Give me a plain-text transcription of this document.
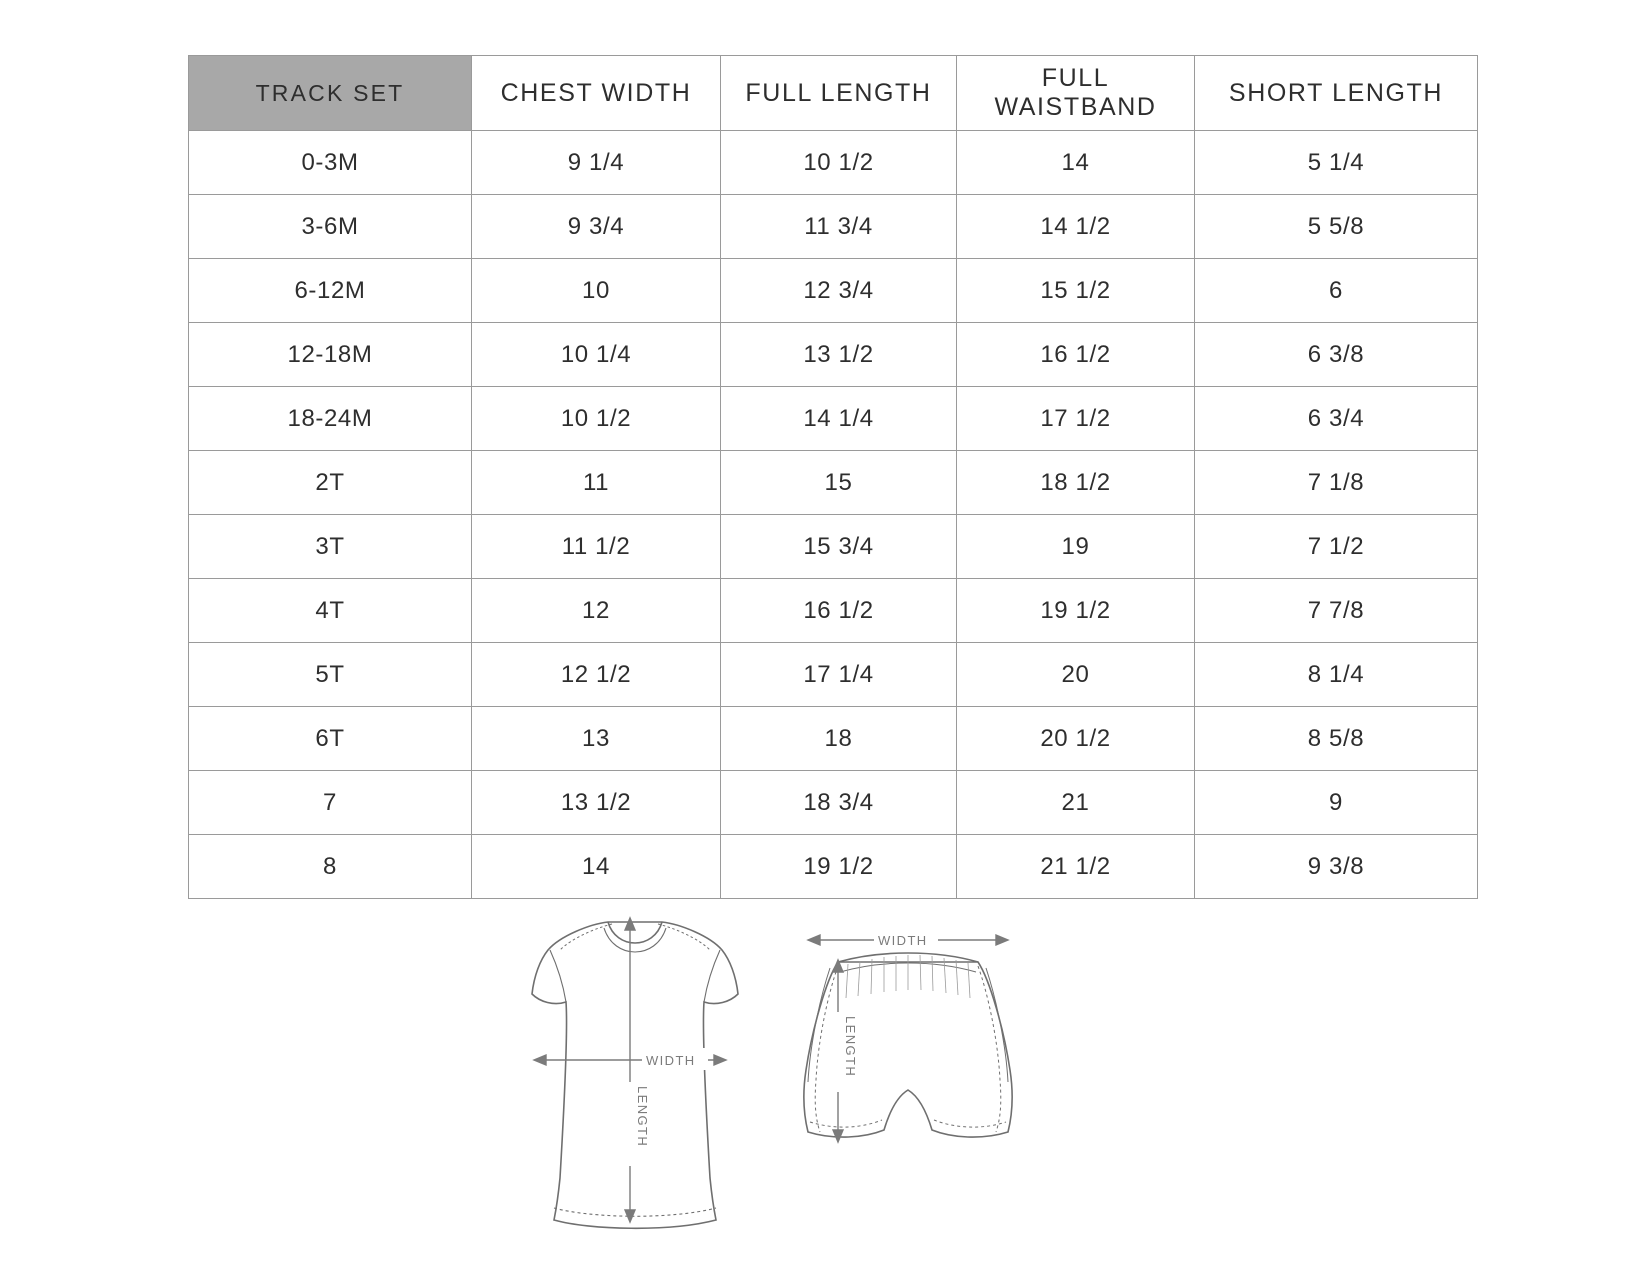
TRACK SET	CHEST WIDTH	FULL LENGTH	FULL WAISTBAND	SHORT LENGTH
0-3M	9 1/4	10 1/2	14	5 1/4
3-6M	9 3/4	11 3/4	14 1/2	5 5/8
6-12M	10	12 3/4	15 1/2	6
12-18M	10 1/4	13 1/2	16 1/2	6 3/8
18-24M	10 1/2	14 1/4	17 1/2	6 3/4
2T	11	15	18 1/2	7 1/8
3T	11 1/2	15 3/4	19	7 1/2
4T	12	16 1/2	19 1/2	7 7/8
5T	12 1/2	17 1/4	20	8 1/4
6T	13	18	20 1/2	8 5/8
7	13 1/2	18 3/4	21	9
8	14	19 1/2	21 1/2	9 3/8
WIDTH
LENGTH
WIDTH
LENGTH
